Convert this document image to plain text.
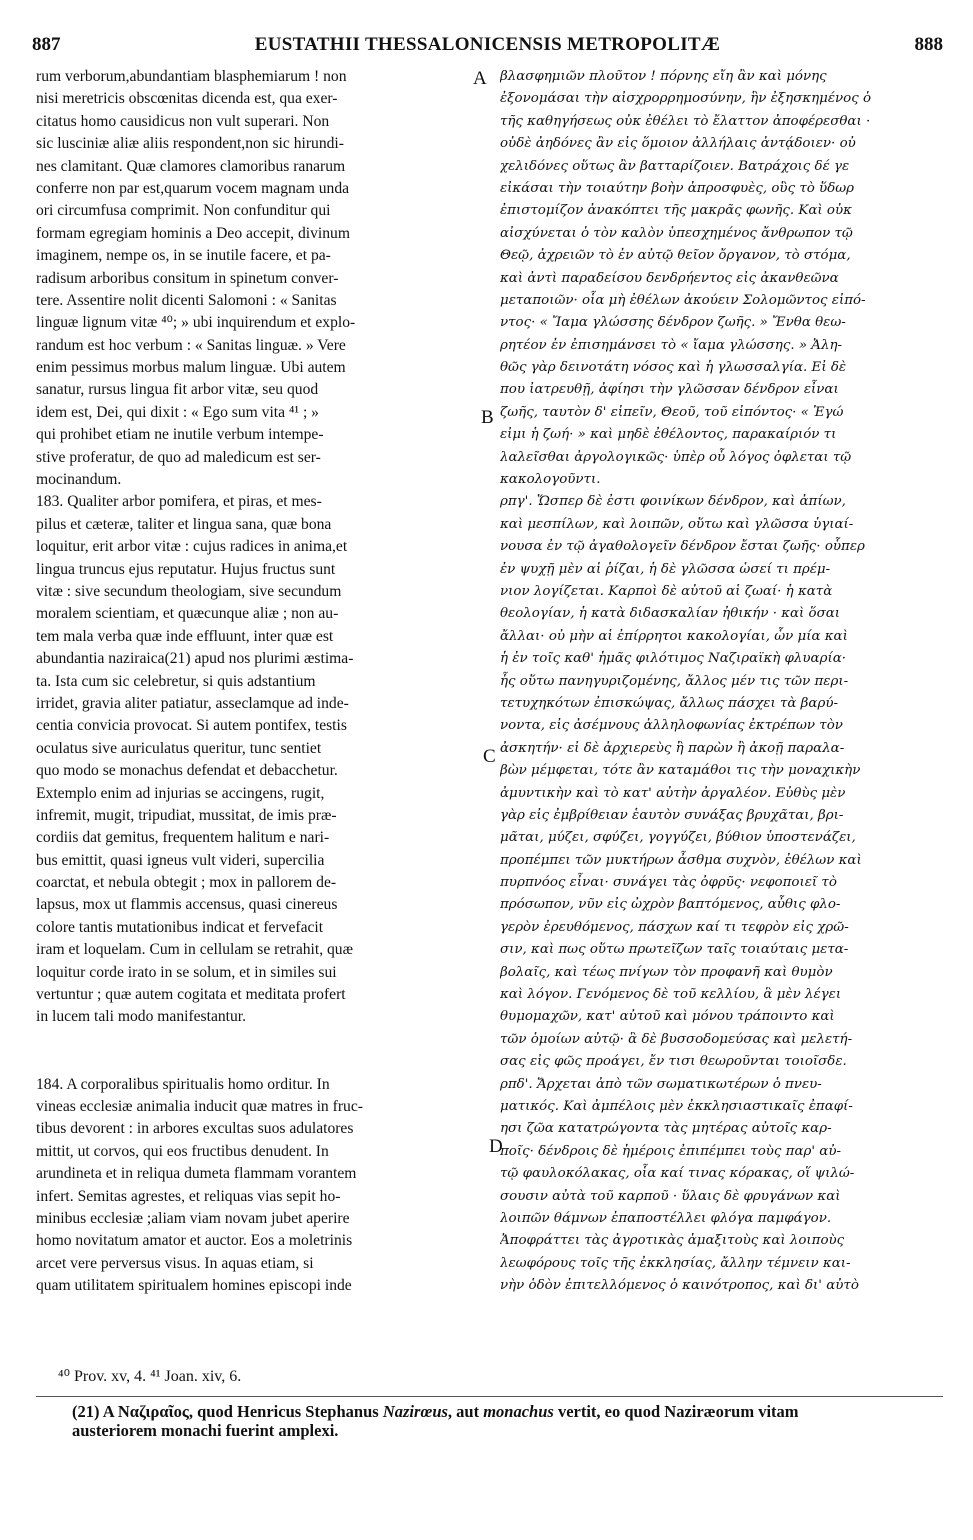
887	EUSTATHII THESSALONICENSIS METROPOLITÆ	888
rum verborum,abundantiam blasphemiarum ! non
nisi meretricis obscœnitas dicenda est, qua exer-
citatus homo causidicus non vult superari. Non
sic lusciniæ aliæ aliis respondent,non sic hirundi-
nes clamitant. Quæ clamores clamoribus ranarum
conferre non par est,quarum vocem magnam unda
ori circumfusa comprimit. Non confunditur qui
formam egregiam hominis a Deo accepit, divinum
imaginem, nempe os, in se inutile facere, et pa-
radisum arboribus consitum in spinetum conver-
tere. Assentire nolit dicenti Salomoni : « Sanitas
linguæ lignum vitæ ⁴⁰; » ubi inquirendum et explo-
randum est hoc verbum : « Sanitas linguæ. » Vere
enim pessimus morbus malum linguæ. Ubi autem
sanatur, rursus lingua fit arbor vitæ, seu quod
idem est, Dei, qui dixit : « Ego sum vita ⁴¹ ; »
qui prohibet etiam ne inutile verbum intempe-
stive proferatur, de quo ad maledicum est ser-
mocinandum.
183. Qualiter arbor pomifera, et piras, et mes-
pilus et cæteræ, taliter et lingua sana, quæ bona
loquitur, erit arbor vitæ : cujus radices in anima,et
lingua truncus ejus reputatur. Hujus fructus sunt
vitæ : sive secundum theologiam, sive secundum
moralem scientiam, et quæcunque aliæ ; non au-
tem mala verba quæ inde effluunt, inter quæ est
abundantia naziraica(21) apud nos plurimi æstima-
ta. Ista cum sic celebretur, si quis adstantium
irridet, gravia aliter patiatur, asseclamque ad inde-
centia convicia provocat. Si autem pontifex, testis
oculatus sive auriculatus queritur, tunc sentiet
quo modo se monachus defendat et debacchetur.
Extemplo enim ad injurias se accingens, rugit,
infremit, mugit, tripudiat, mussitat, de imis præ-
cordiis dat gemitus, frequentem halitum e nari-
bus emittit, quasi igneus vult videri, supercilia
coarctat, et nebula obtegit ; mox in pallorem de-
lapsus, mox ut flammis accensus, quasi cinereus
colore tantis mutationibus indicat et fervefacit
iram et loquelam. Cum in cellulam se retrahit, quæ
loquitur corde irato in se solum, et in similes sui
vertuntur ; quæ autem cogitata et meditata profert
in lucem tali modo manifestantur.
184. A corporalibus spiritualis homo orditur. In
vineas ecclesiæ animalia inducit quæ matres in fruc-
tibus devorent : in arbores excultas suos adulatores
mittit, ut corvos, qui eos fructibus denudent. In
arundineta et in reliqua dumeta flammam vorantem
infert. Semitas agrestes, et reliquas vias sepit ho-
minibus ecclesiæ ;aliam viam novam jubet aperire
homo novitatum amator et auctor. Eos a moletrinis
arcet vere perversus visus. In aquas etiam, si
quam utilitatem spiritualem homines episcopi inde
βλασφημιῶν πλοῦτον ! πόρνης εἴη ἂν καὶ μόνης
ἐξονομάσαι τὴν αἰσχρορρημοσύνην, ἣν ἐξησκημένος ὁ
τῆς καθηγήσεως οὐκ ἐθέλει τὸ ἔλαττον ἀποφέρεσθαι ·
οὐδὲ ἀηδόνες ἂν εἰς ὅμοιον ἀλλήλαις ἀντᾴδοιεν· οὐ
χελιδόνες οὕτως ἂν βατταρίζοιεν. Βατράχοις δέ γε
εἰκάσαι τὴν τοιαύτην βοὴν ἀπροσφυὲς, οὓς τὸ ὕδωρ
ἐπιστομίζον ἀνακόπτει τῆς μακρᾶς φωνῆς. Καὶ οὐκ
αἰσχύνεται ὁ τὸν καλὸν ὑπεσχημένος ἄνθρωπον τῷ
Θεῷ, ἀχρειῶν τὸ ἐν αὐτῷ θεῖον ὄργανον, τὸ στόμα,
καὶ ἀντὶ παραδείσου δενδρήεντος εἰς ἀκανθεῶνα
μεταποιῶν· οἷα μὴ ἐθέλων ἀκούειν Σολομῶντος εἰπό-
ντος· « Ἴαμα γλώσσης δένδρον ζωῆς. » Ἔνθα θεω-
ρητέον ἐν ἐπισημάνσει τὸ « ἴαμα γλώσσης. » Ἀλη-
θῶς γὰρ δεινοτάτη νόσος καὶ ἡ γλωσσαλγία. Εἰ δὲ
που ἰατρευθῇ, ἀφίησι τὴν γλῶσσαν δένδρον εἶναι
ζωῆς, ταυτὸν δ' εἰπεῖν, Θεοῦ, τοῦ εἰπόντος· « Ἐγώ
εἰμι ἡ ζωή· » καὶ μηδὲ ἐθέλοντος, παρακαίριόν τι
λαλεῖσθαι ἀργολογικῶς· ὑπὲρ οὗ λόγος ὀφλεται τῷ
κακολογοῦντι.
ρπγ'. Ὥσπερ δὲ ἐστι φοινίκων δένδρον, καὶ ἀπίων,
καὶ μεσπίλων, καὶ λοιπῶν, οὕτω καὶ γλῶσσα ὑγιαί-
νουσα ἐν τῷ ἀγαθολογεῖν δένδρον ἔσται ζωῆς· οὗπερ
ἐν ψυχῇ μὲν αἱ ῥίζαι, ἡ δὲ γλῶσσα ὡσεί τι πρέμ-
νιον λογίζεται. Καρποὶ δὲ αὐτοῦ αἱ ζωαί· ἡ κατὰ
θεολογίαν, ἡ κατὰ διδασκαλίαν ἠθικήν · καὶ ὅσαι
ἄλλαι· οὐ μὴν αἱ ἐπίρρητοι κακολογίαι, ὧν μία καὶ
ἡ ἐν τοῖς καθ' ἡμᾶς φιλότιμος Ναζιραϊκὴ φλυαρία·
ἧς οὕτω πανηγυριζομένης, ἄλλος μέν τις τῶν περι-
τετυχηκότων ἐπισκώψας, ἄλλως πάσχει τὰ βαρύ-
νοντα, εἰς ἀσέμνους ἀλληλοφωνίας ἐκτρέπων τὸν
ἀσκητήν· εἰ δὲ ἀρχιερεὺς ἢ παρὼν ἢ ἀκοῇ παραλα-
βὼν μέμφεται, τότε ἂν καταμάθοι τις τὴν μοναχικὴν
ἀμυντικὴν καὶ τὸ κατ' αὐτὴν ἀργαλέον. Εὐθὺς μὲν
γὰρ εἰς ἐμβρίθειαν ἑαυτὸν συνάξας βρυχᾶται, βρι-
μᾶται, μύζει, σφύζει, γογγύζει, βύθιον ὑποστενάζει,
προπέμπει τῶν μυκτήρων ἆσθμα συχνὸν, ἐθέλων καὶ
πυρπνόος εἶναι· συνάγει τὰς ὀφρῦς· νεφοποιεῖ τὸ
πρόσωπον, νῦν εἰς ὠχρὸν βαπτόμενος, αὖθις φλο-
γερὸν ἐρευθόμενος, πάσχων καί τι τεφρὸν εἰς χρῶ-
σιν, καὶ πως οὕτω πρωτεῖζων ταῖς τοιαύταις μετα-
βολαῖς, καὶ τέως πνίγων τὸν προφανῆ καὶ θυμὸν
καὶ λόγον. Γενόμενος δὲ τοῦ κελλίου, ἃ μὲν λέγει
θυμομαχῶν, κατ' αὐτοῦ καὶ μόνου τράποιντο καὶ
τῶν ὁμοίων αὐτῷ· ἃ δὲ βυσσοδομεύσας καὶ μελετή-
σας εἰς φῶς προάγει, ἔν τισι θεωροῦνται τοιοῖσδε.
ρπδ'. Ἄρχεται ἀπὸ τῶν σωματικωτέρων ὁ πνευ-
ματικός. Καὶ ἀμπέλοις μὲν ἐκκλησιαστικαῖς ἐπαφί-
ησι ζῶα κατατρώγοντα τὰς μητέρας αὐτοῖς καρ-
ποῖς· δένδροις δὲ ἡμέροις ἐπιπέμπει τοὺς παρ' αὐ-
τῷ φαυλοκόλακας, οἷα καί τινας κόρακας, οἵ ψιλώ-
σουσιν αὐτὰ τοῦ καρποῦ · ὕλαις δὲ φρυγάνων καὶ
λοιπῶν θάμνων ἐπαποστέλλει φλόγα παμφάγον.
Ἀποφράττει τὰς ἀγροτικὰς ἁμαξιτοὺς καὶ λοιποὺς
λεωφόρους τοῖς τῆς ἐκκλησίας, ἄλλην τέμνειν και-
νὴν ὁδὸν ἐπιτελλόμενος ὁ καινότροπος, καὶ δι' αὐτὸ
A
B
C
D
⁴⁰ Prov. xv, 4. ⁴¹ Joan. xiv, 6.
(21) Α Ναζιραῖος, quod Henricus Stephanus Nazirœus, aut monachus vertit, eo quod Naziræorum vitam
austeriorem monachi fuerint amplexi.
